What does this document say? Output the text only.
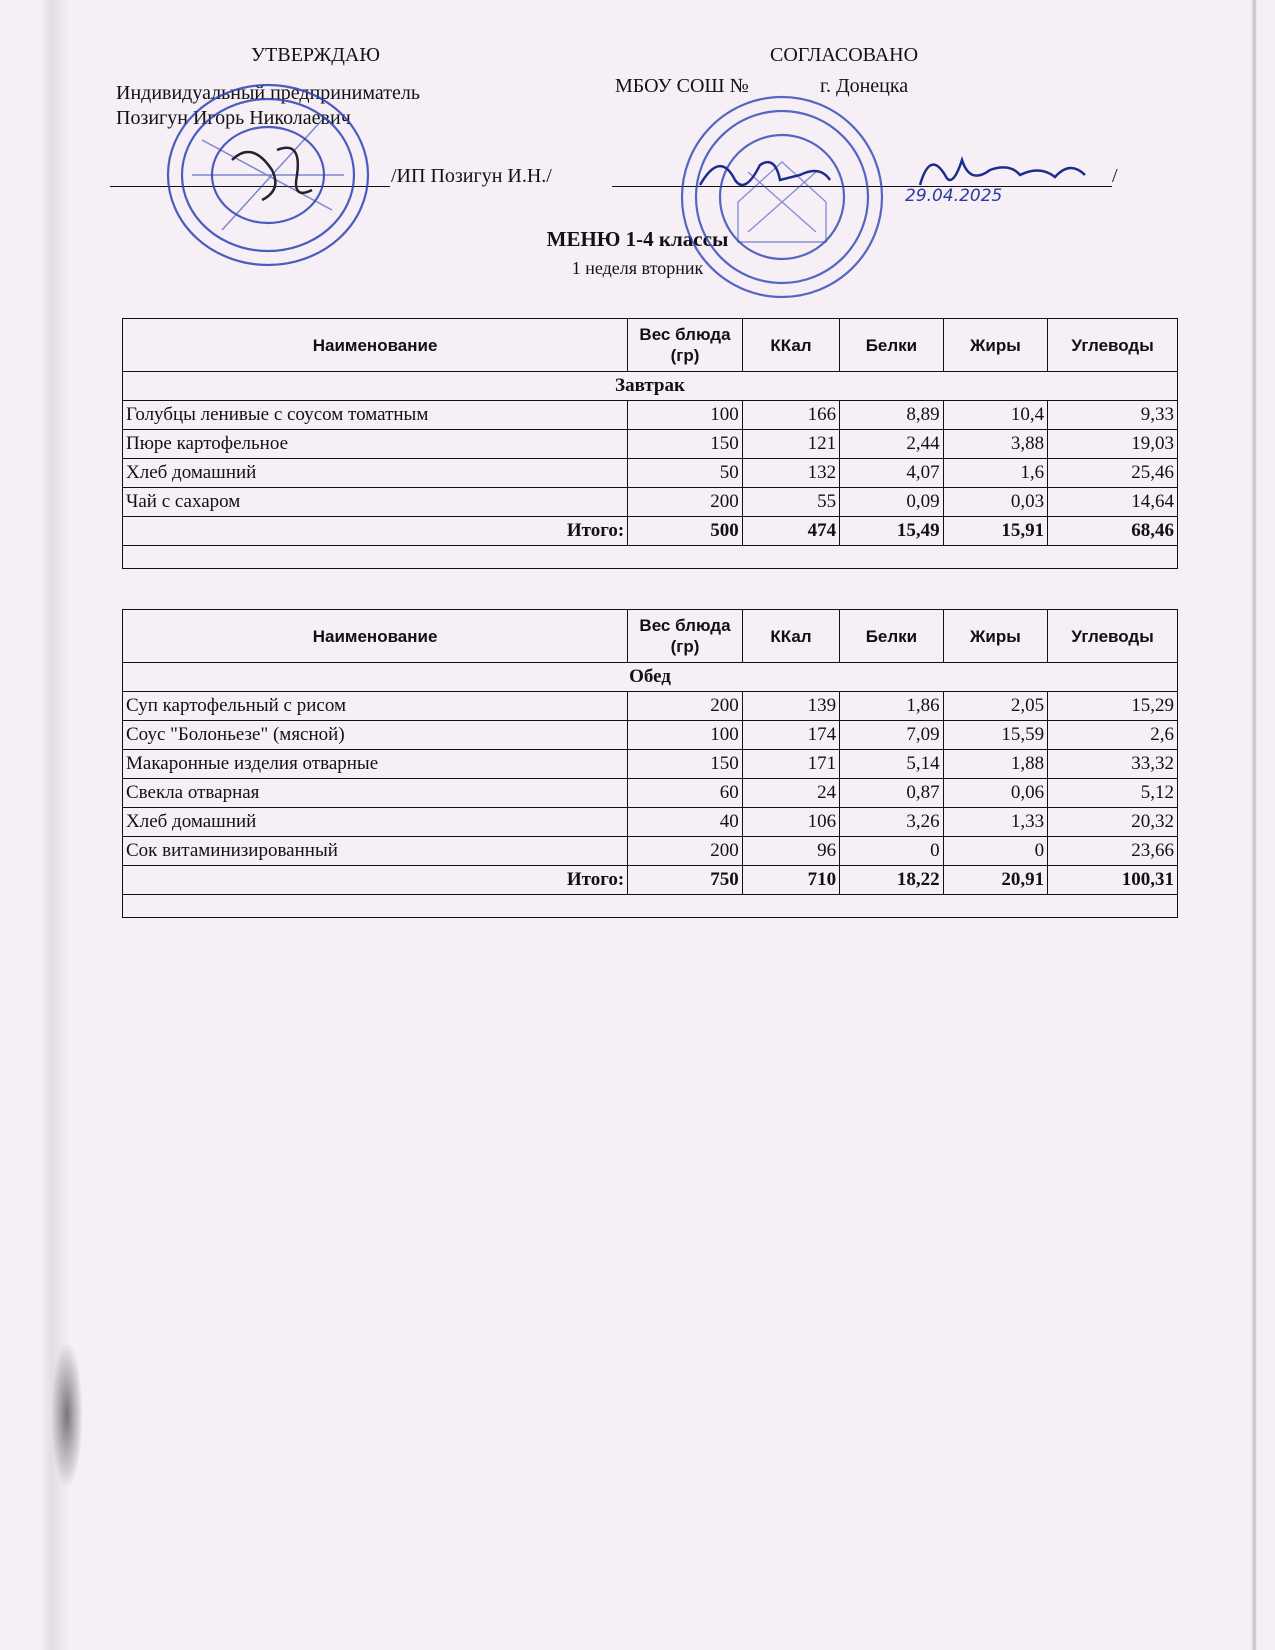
УТВЕРЖДАЮ
Индивидуальный предприниматель
Позигун Игорь Николаевич
/ИП Позигун И.Н./
СОГЛАСОВАНО
МБОУ СОШ №	г. Донецка
/
МЕНЮ 1-4 классы
1 неделя вторник
Наименование	Вес блюда (гр)	ККал	Белки	Жиры	Углеводы
Завтрак					
Голубцы ленивые с соусом томатным	100	166	8,89	10,4	9,33
Пюре картофельное	150	121	2,44	3,88	19,03
Хлеб домашний	50	132	4,07	1,6	25,46
Чай с сахаром	200	55	0,09	0,03	14,64
Итого:	500	474	15,49	15,91	68,46

Наименование	Вес блюда (гр)	ККал	Белки	Жиры	Углеводы
Обед					
Суп картофельный с рисом	200	139	1,86	2,05	15,29
Соус "Болоньезе" (мясной)	100	174	7,09	15,59	2,6
Макаронные изделия отварные	150	171	5,14	1,88	33,32
Свекла отварная	60	24	0,87	0,06	5,12
Хлеб домашний	40	106	3,26	1,33	20,32
Сок витаминизированный	200	96	0	0	23,66
Итого:	750	710	18,22	20,91	100,31

29.04.2025
